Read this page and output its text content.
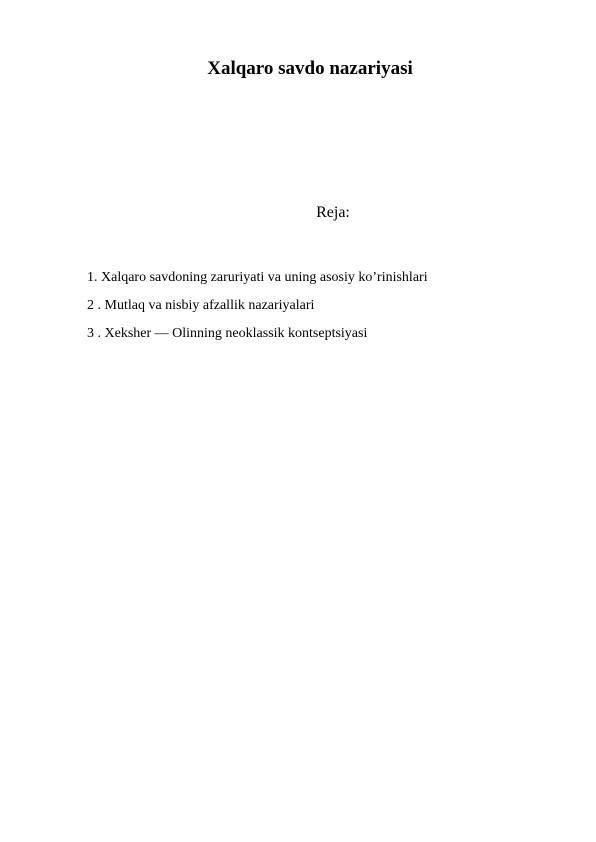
Xalqaro savdo nazariyasi

Reja:

1. Xalqaro savdoning zaruriyati va uning asosiy ko’rinishlari
2 . Mutlaq va nisbiy afzallik nazariyalari
3 . Xeksher — Olinning neoklassik kontseptsiyasi
